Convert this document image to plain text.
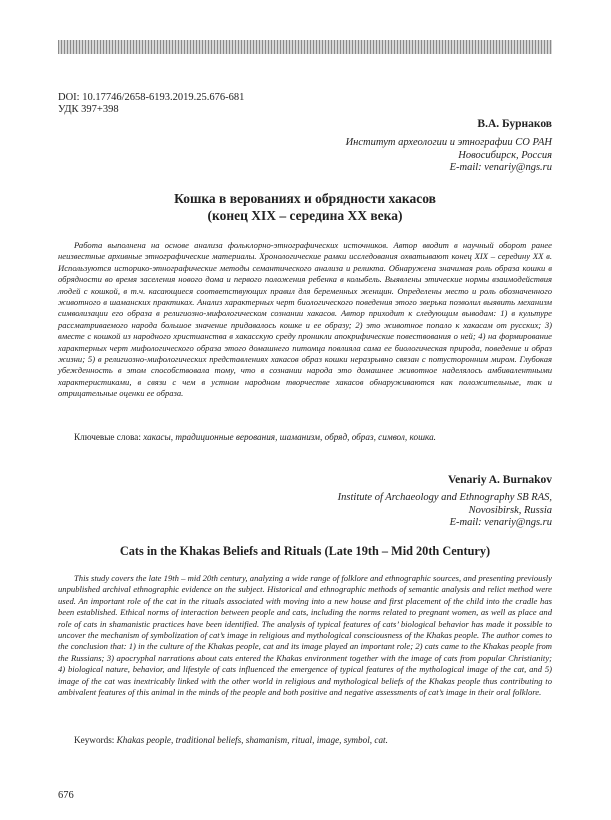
DOI: 10.17746/2658-6193.2019.25.676-681
УДК 397+398
В.А. Бурнаков
Институт археологии и этнографии СО РАН
Новосибирск, Россия
E-mail: venariy@ngs.ru
Кошка в верованиях и обрядности хакасов
(конец XIX – середина XX века)

Работа выполнена на основе анализа фольклорно-этнографических источников. Автор вводит в научный оборот ранее неизвестные архивные этнографические материалы. Хронологические рамки исследования охватывают конец XIX – середину XX в. Используются историко-этнографические методы семантического анализа и реликта. Обнаружена значимая роль образа кошки в обрядности во время заселения нового дома и первого положения ребенка в колыбель. Выявлены этические нормы взаимодействия людей с кошкой, в т.ч. касающиеся соответствующих правил для беременных женщин. Определены место и роль обозначенного животного в шаманских практиках. Анализ характерных черт биологического поведения этого зверька позволил выявить механизм символизации его образа в религиозно-мифологическом сознании хакасов. Автор приходит к следующим выводам: 1) в культуре рассматриваемого народа большое значение придавалось кошке и ее образу; 2) это животное попало к хакасам от русских; 3) вместе с кошкой из народного христианства в хакасскую среду проникли апокрифические повествования о ней; 4) на формирование характерных черт мифологического образа этого домашнего питомца повлияла сама ее биологическая природа, поведение и образ жизни; 5) в религиозно-мифологических представлениях хакасов образ кошки неразрывно связан с потусторонним миром. Глубокая убежденность в этом способствовала тому, что в сознании народа это домашнее животное наделялось амбивалентными характеристиками, в связи с чем в устном народном творчестве хакасов обнаруживаются как положительные, так и отрицательные оценки ее образа.

Ключевые слова: хакасы, традиционные верования, шаманизм, обряд, образ, символ, кошка.
Venariy A. Burnakov
Institute of Archaeology and Ethnography SB RAS,
Novosibirsk, Russia
E-mail: venariy@ngs.ru
Cats in the Khakas Beliefs and Rituals (Late 19th – Mid 20th Century)

This study covers the late 19th – mid 20th century, analyzing a wide range of folklore and ethnographic sources, and presenting previously unpublished archival ethnographic evidence on the subject. Historical and ethnographic methods of semantic analysis and relict method were used. An important role of the cat in the rituals associated with moving into a new house and first placement of the child into the cradle has been established. Ethical norms of interaction between people and cats, including the norms related to pregnant women, as well as place and role of cats in shamanistic practices have been identified. The analysis of typical features of cats’ biological behavior has made it possible to uncover the mechanism of symbolization of cat’s image in religious and mythological consciousness of the Khakas people. The author comes to the conclusion that: 1) in the culture of the Khakas people, cat and its image played an important role; 2) cats came to the Khakas people from the Russians; 3) apocryphal narrations about cats entered the Khakas environment together with the image of cats from popular Christianity; 4) biological nature, behavior, and lifestyle of cats influenced the emergence of typical features of the mythological image of the cat, and 5) image of the cat was inextricably linked with the other world in religious and mythological beliefs of the Khakas people thus contributing to ambivalent features of this animal in the minds of the people and both positive and negative assessments of cat’s image in their oral folklore.

Keywords: Khakas people, traditional beliefs, shamanism, ritual, image, symbol, cat.
676
